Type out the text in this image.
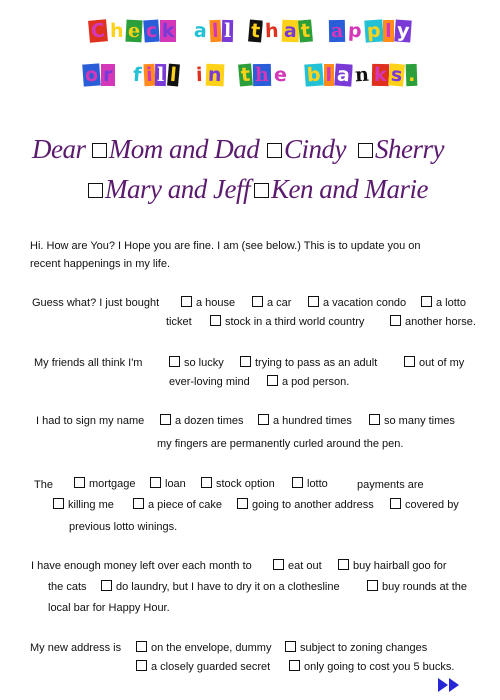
C h e c k a l l t h a t a p p l y
o r f i l l i n t h e b l a n k s .
Dear Mom and Dad Cindy	Sherry
Mary and Jeff Ken and Marie
Hi. How are You? I Hope you are fine. I am (see below.) This is to update you on
recent happenings in my life.
Guess what? I just bought	a house	a car	a vacation condo	a lotto
ticket	stock in a third world country	another horse.
My friends all think I'm	so lucky	trying to pass as an adult	out of my
ever-loving mind	a pod person.
I had to sign my name	a dozen times	a hundred times	so many times
my fingers are permanently curled around the pen.
The	mortgage	loan	stock option	lotto	payments are
killing me	a piece of cake	going to another address	covered by
previous lotto winings.
I have enough money left over each month to	eat out	buy hairball goo for
the cats	do laundry, but I have to dry it on a clothesline	buy rounds at the
local bar for Happy Hour.
My new address is	on the envelope, dummy	subject to zoning changes
a closely guarded secret	only going to cost you 5 bucks.
